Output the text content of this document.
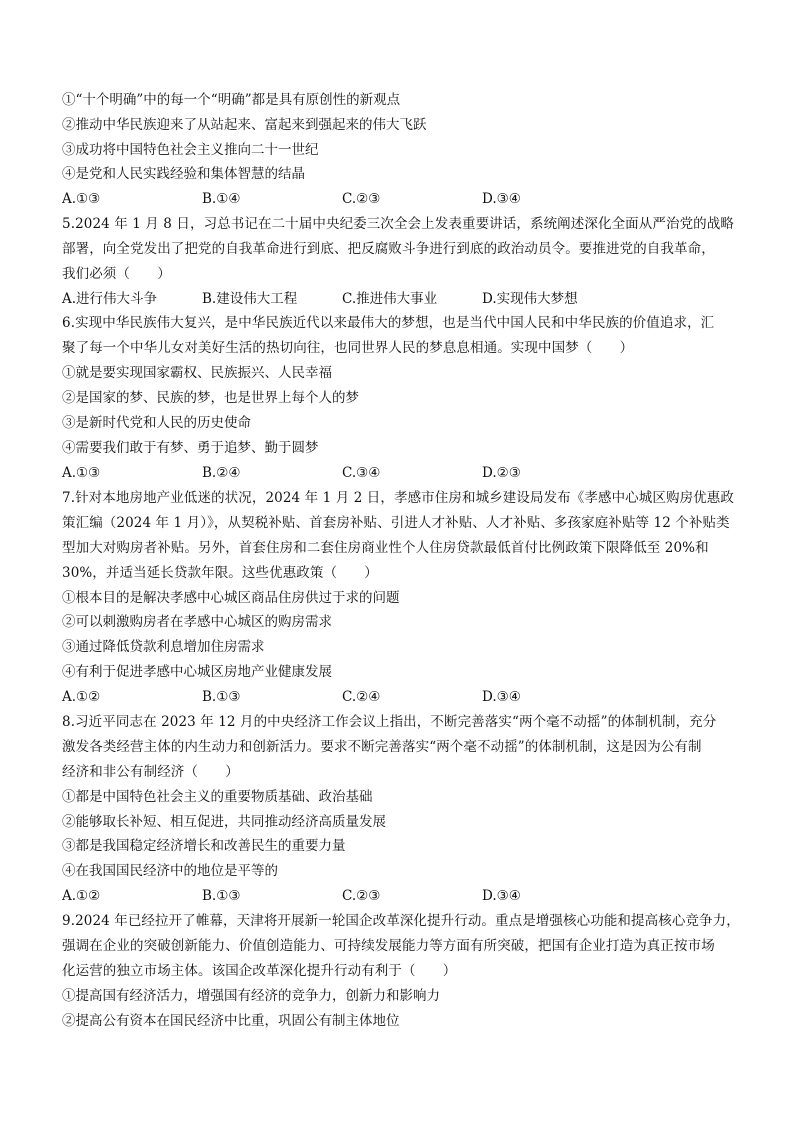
①“十个明确”中的每一个“明确”都是具有原创性的新观点
②推动中华民族迎来了从站起来、富起来到强起来的伟大飞跃
③成功将中国特色社会主义推向二十一世纪
④是党和人民实践经验和集体智慧的结晶
A.①③	B.①④	C.②③	D.③④
5.2024 年 1 月 8 日，习总书记在二十届中央纪委三次全会上发表重要讲话，系统阐述深化全面从严治党的战略
部署，向全党发出了把党的自我革命进行到底、把反腐败斗争进行到底的政治动员令。要推进党的自我革命，
我们必须（　　）
A.进行伟大斗争	B.建设伟大工程	C.推进伟大事业	D.实现伟大梦想
6.实现中华民族伟大复兴，是中华民族近代以来最伟大的梦想，也是当代中国人民和中华民族的价值追求，汇
聚了每一个中华儿女对美好生活的热切向往，也同世界人民的梦息息相通。实现中国梦（　　）
①就是要实现国家霸权、民族振兴、人民幸福
②是国家的梦、民族的梦，也是世界上每个人的梦
③是新时代党和人民的历史使命
④需要我们敢于有梦、勇于追梦、勤于圆梦
A.①③	B.②④	C.③④	D.②③
7.针对本地房地产业低迷的状况，2024 年 1 月 2 日，孝感市住房和城乡建设局发布《孝感中心城区购房优惠政
策汇编（2024 年 1 月）》，从契税补贴、首套房补贴、引进人才补贴、人才补贴、多孩家庭补贴等 12 个补贴类
型加大对购房者补贴。另外，首套住房和二套住房商业性个人住房贷款最低首付比例政策下限降低至 20%和
30%，并适当延长贷款年限。这些优惠政策（　　）
①根本目的是解决孝感中心城区商品住房供过于求的问题
②可以刺激购房者在孝感中心城区的购房需求
③通过降低贷款利息增加住房需求
④有利于促进孝感中心城区房地产业健康发展
A.①②	B.①③	C.②④	D.③④
8.习近平同志在 2023 年 12 月的中央经济工作会议上指出，不断完善落实“两个毫不动摇”的体制机制，充分
激发各类经营主体的内生动力和创新活力。要求不断完善落实“两个毫不动摇”的体制机制，这是因为公有制
经济和非公有制经济（　　）
①都是中国特色社会主义的重要物质基础、政治基础
②能够取长补短、相互促进，共同推动经济高质量发展
③都是我国稳定经济增长和改善民生的重要力量
④在我国国民经济中的地位是平等的
A.①②	B.①③	C.②③	D.③④
9.2024 年已经拉开了帷幕，天津将开展新一轮国企改革深化提升行动。重点是增强核心功能和提高核心竞争力，
强调在企业的突破创新能力、价值创造能力、可持续发展能力等方面有所突破，把国有企业打造为真正按市场
化运营的独立市场主体。该国企改革深化提升行动有利于（　　）
①提高国有经济活力，增强国有经济的竞争力，创新力和影响力
②提高公有资本在国民经济中比重，巩固公有制主体地位
